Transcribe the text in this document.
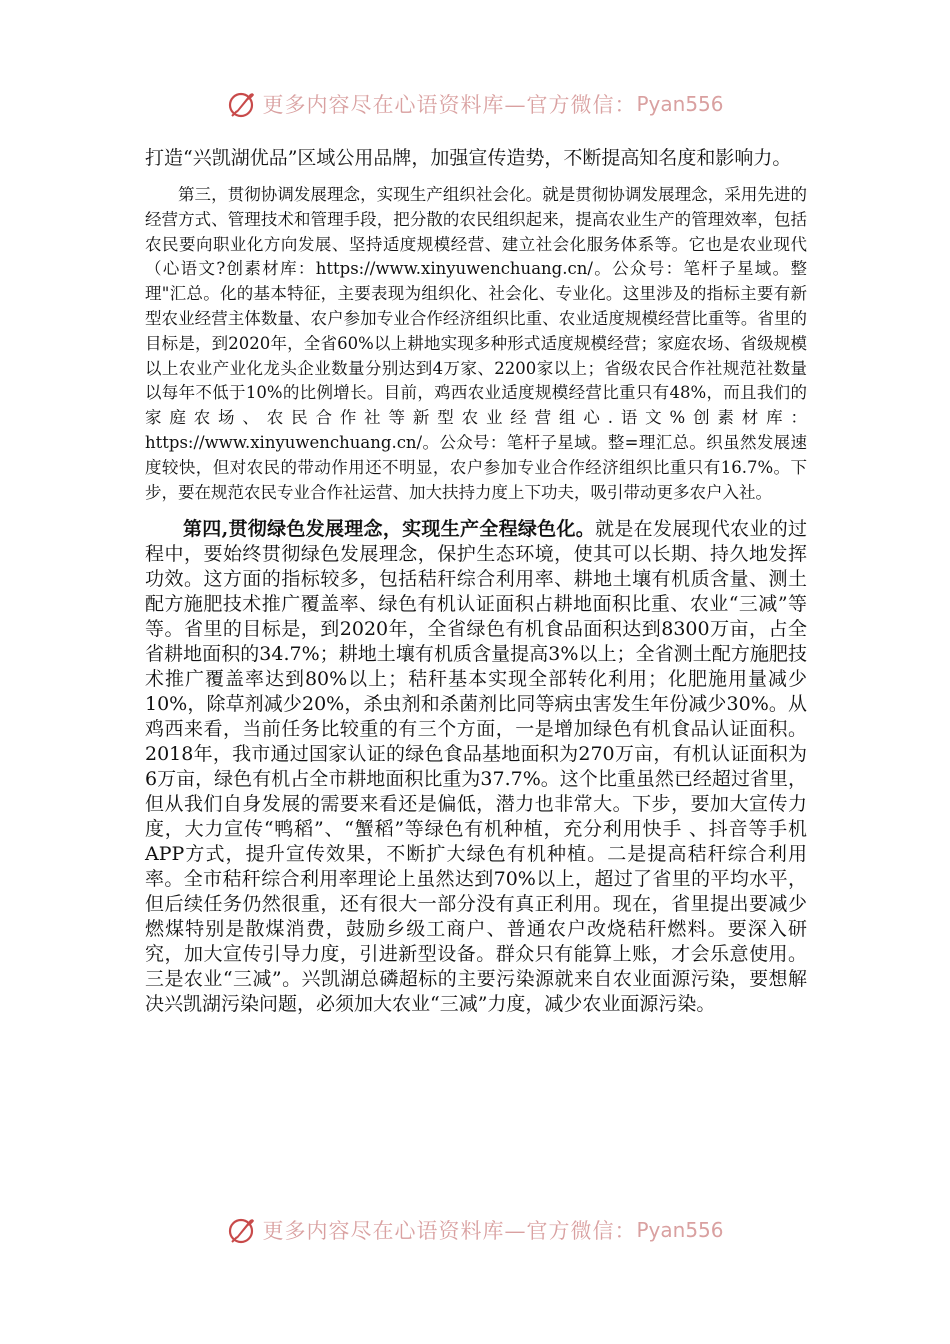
更多内容尽在心语资料库—官方微信： Pyan556

打造“兴凯湖优品”区域公用品牌，加强宣传造势，不断提高知名度和影响力。

第三，贯彻协调发展理念，实现生产组织社会化。就是贯彻协调发展理念，采用先进的经营方式、管理技术和管理手段，把分散的农民组织起来，提高农业生产的管理效率，包括农民要向职业化方向发展、坚持适度规模经营、建立社会化服务体系等。它也是农业现代（心语文?创素材库：https://www.xinyuwenchuang.cn/。公众号：笔杆子星域。整理"汇总。化的基本特征，主要表现为组织化、社会化、专业化。这里涉及的指标主要有新型农业经营主体数量、农户参加专业合作经济组织比重、农业适度规模经营比重等。省里的目标是，到2020年，全省60%以上耕地实现多种形式适度规模经营；家庭农场、省级规模以上农业产业化龙头企业数量分别达到4万家、2200家以上；省级农民合作社规范社数量以每年不低于10%的比例增长。目前，鸡西农业适度规模经营比重只有48%，而且我们的家庭农场、农民合作社等新型农业经营组心.语文%创素材库：https://www.xinyuwenchuang.cn/。公众号：笔杆子星域。整=理汇总。织虽然发展速度较快，但对农民的带动作用还不明显，农户参加专业合作经济组织比重只有16.7%。下步，要在规范农民专业合作社运营、加大扶持力度上下功夫，吸引带动更多农户入社。

第四,贯彻绿色发展理念，实现生产全程绿色化。就是在发展现代农业的过程中，要始终贯彻绿色发展理念，保护生态环境，使其可以长期、持久地发挥功效。这方面的指标较多，包括秸秆综合利用率、耕地土壤有机质含量、测土配方施肥技术推广覆盖率、绿色有机认证面积占耕地面积比重、农业“三减”等等。省里的目标是，到2020年，全省绿色有机食品面积达到8300万亩，占全省耕地面积的34.7%；耕地土壤有机质含量提高3%以上；全省测土配方施肥技术推广覆盖率达到80%以上；秸秆基本实现全部转化利用；化肥施用量减少10%，除草剂减少20%，杀虫剂和杀菌剂比同等病虫害发生年份减少30%。从鸡西来看，当前任务比较重的有三个方面，一是增加绿色有机食品认证面积。2018年，我市通过国家认证的绿色食品基地面积为270万亩，有机认证面积为6万亩，绿色有机占全市耕地面积比重为37.7%。这个比重虽然已经超过省里，但从我们自身发展的需要来看还是偏低，潜力也非常大。下步，要加大宣传力度，大力宣传“鸭稻”、“蟹稻”等绿色有机种植，充分利用快手 、抖音等手机APP方式，提升宣传效果，不断扩大绿色有机种植。二是提高秸秆综合利用率。全市秸秆综合利用率理论上虽然达到70%以上，超过了省里的平均水平，但后续任务仍然很重，还有很大一部分没有真正利用。现在，省里提出要减少燃煤特别是散煤消费，鼓励乡级工商户、普通农户改烧秸秆燃料。要深入研究，加大宣传引导力度，引进新型设备。群众只有能算上账，才会乐意使用。三是农业“三减”。兴凯湖总磷超标的主要污染源就来自农业面源污染，要想解决兴凯湖污染问题，必须加大农业“三减”力度，减少农业面源污染。

更多内容尽在心语资料库—官方微信： Pyan556
